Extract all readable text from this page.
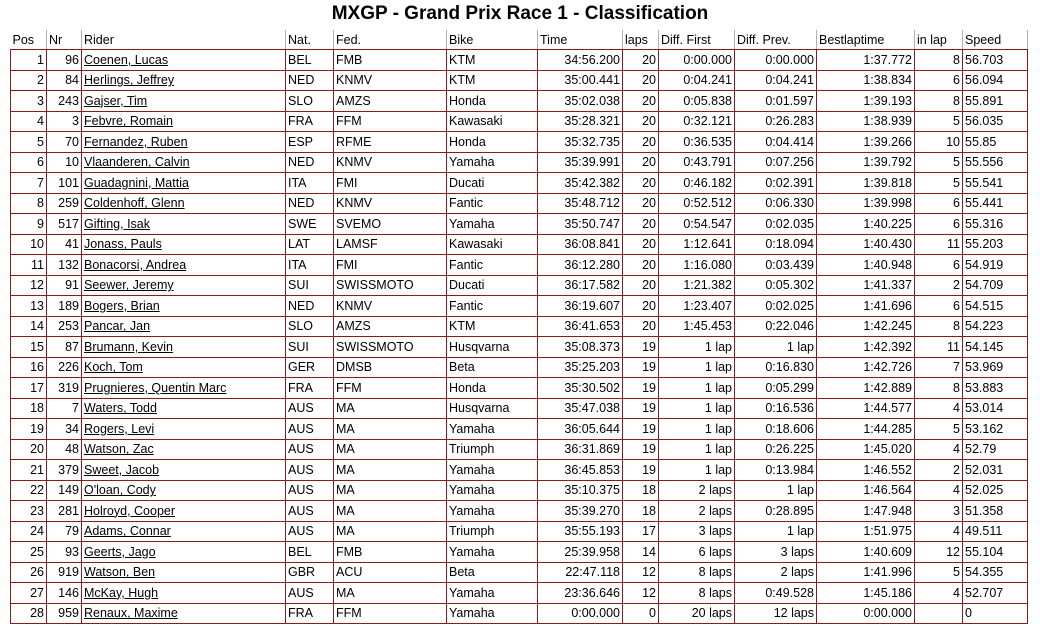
MXGP - Grand Prix Race 1 - Classification
Pos	Nr	Rider	Nat.	Fed.	Bike	Time	laps	Diff. First	Diff. Prev.	Bestlaptime	in lap	Speed
1	96	Coenen, Lucas	BEL	FMB	KTM	34:56.200	20	0:00.000	0:00.000	1:37.772	8	56.703
2	84	Herlings, Jeffrey	NED	KNMV	KTM	35:00.441	20	0:04.241	0:04.241	1:38.834	6	56.094
3	243	Gajser, Tim	SLO	AMZS	Honda	35:02.038	20	0:05.838	0:01.597	1:39.193	8	55.891
4	3	Febvre, Romain	FRA	FFM	Kawasaki	35:28.321	20	0:32.121	0:26.283	1:38.939	5	56.035
5	70	Fernandez, Ruben	ESP	RFME	Honda	35:32.735	20	0:36.535	0:04.414	1:39.266	10	55.85
6	10	Vlaanderen, Calvin	NED	KNMV	Yamaha	35:39.991	20	0:43.791	0:07.256	1:39.792	5	55.556
7	101	Guadagnini, Mattia	ITA	FMI	Ducati	35:42.382	20	0:46.182	0:02.391	1:39.818	5	55.541
8	259	Coldenhoff, Glenn	NED	KNMV	Fantic	35:48.712	20	0:52.512	0:06.330	1:39.998	6	55.441
9	517	Gifting, Isak	SWE	SVEMO	Yamaha	35:50.747	20	0:54.547	0:02.035	1:40.225	6	55.316
10	41	Jonass, Pauls	LAT	LAMSF	Kawasaki	36:08.841	20	1:12.641	0:18.094	1:40.430	11	55.203
11	132	Bonacorsi, Andrea	ITA	FMI	Fantic	36:12.280	20	1:16.080	0:03.439	1:40.948	6	54.919
12	91	Seewer, Jeremy	SUI	SWISSMOTO	Ducati	36:17.582	20	1:21.382	0:05.302	1:41.337	2	54.709
13	189	Bogers, Brian	NED	KNMV	Fantic	36:19.607	20	1:23.407	0:02.025	1:41.696	6	54.515
14	253	Pancar, Jan	SLO	AMZS	KTM	36:41.653	20	1:45.453	0:22.046	1:42.245	8	54.223
15	87	Brumann, Kevin	SUI	SWISSMOTO	Husqvarna	35:08.373	19	1 lap	1 lap	1:42.392	11	54.145
16	226	Koch, Tom	GER	DMSB	Beta	35:25.203	19	1 lap	0:16.830	1:42.726	7	53.969
17	319	Prugnieres, Quentin Marc	FRA	FFM	Honda	35:30.502	19	1 lap	0:05.299	1:42.889	8	53.883
18	7	Waters, Todd	AUS	MA	Husqvarna	35:47.038	19	1 lap	0:16.536	1:44.577	4	53.014
19	34	Rogers, Levi	AUS	MA	Yamaha	36:05.644	19	1 lap	0:18.606	1:44.285	5	53.162
20	48	Watson, Zac	AUS	MA	Triumph	36:31.869	19	1 lap	0:26.225	1:45.020	4	52.79
21	379	Sweet, Jacob	AUS	MA	Yamaha	36:45.853	19	1 lap	0:13.984	1:46.552	2	52.031
22	149	O'loan, Cody	AUS	MA	Yamaha	35:10.375	18	2 laps	1 lap	1:46.564	4	52.025
23	281	Holroyd, Cooper	AUS	MA	Yamaha	35:39.270	18	2 laps	0:28.895	1:47.948	3	51.358
24	79	Adams, Connar	AUS	MA	Triumph	35:55.193	17	3 laps	1 lap	1:51.975	4	49.511
25	93	Geerts, Jago	BEL	FMB	Yamaha	25:39.958	14	6 laps	3 laps	1:40.609	12	55.104
26	919	Watson, Ben	GBR	ACU	Beta	22:47.118	12	8 laps	2 laps	1:41.996	5	54.355
27	146	McKay, Hugh	AUS	MA	Yamaha	23:36.646	12	8 laps	0:49.528	1:45.186	4	52.707
28	959	Renaux, Maxime	FRA	FFM	Yamaha	0:00.000	0	20 laps	12 laps	0:00.000		0
